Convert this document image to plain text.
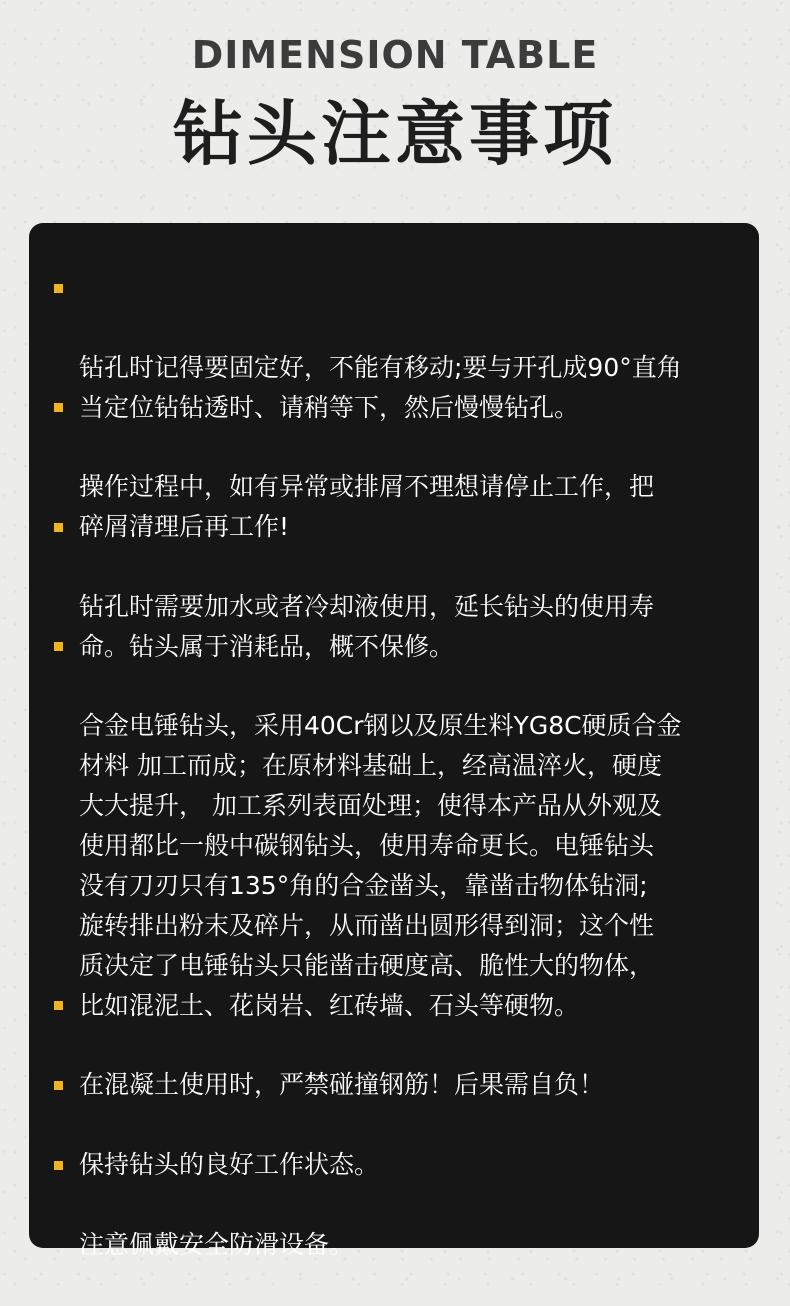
DIMENSION TABLE
钻头注意事项

钻孔时记得要固定好，不能有移动;要与开孔成90°直角
当定位钻钻透时、请稍等下，然后慢慢钻孔。

操作过程中，如有异常或排屑不理想请停止工作，把
碎屑清理后再工作!

钻孔时需要加水或者冷却液使用，延长钻头的使用寿
命。钻头属于消耗品，概不保修。

合金电锤钻头，采用40Cr钢以及原生料YG8C硬质合金
材料 加工而成；在原材料基础上，经高温淬火，硬度
大大提升， 加工系列表面处理；使得本产品从外观及
使用都比一般中碳钢钻头，使用寿命更长。电锤钻头
没有刀刃只有135°角的合金凿头，靠凿击物体钻洞;
旋转排出粉末及碎片，从而凿出圆形得到洞；这个性
质决定了电锤钻头只能凿击硬度高、脆性大的物体，
比如混泥土、花岗岩、红砖墙、石头等硬物。

在混凝土使用时，严禁碰撞钢筋！后果需自负！

保持钻头的良好工作状态。

注意佩戴安全防滑设备。
